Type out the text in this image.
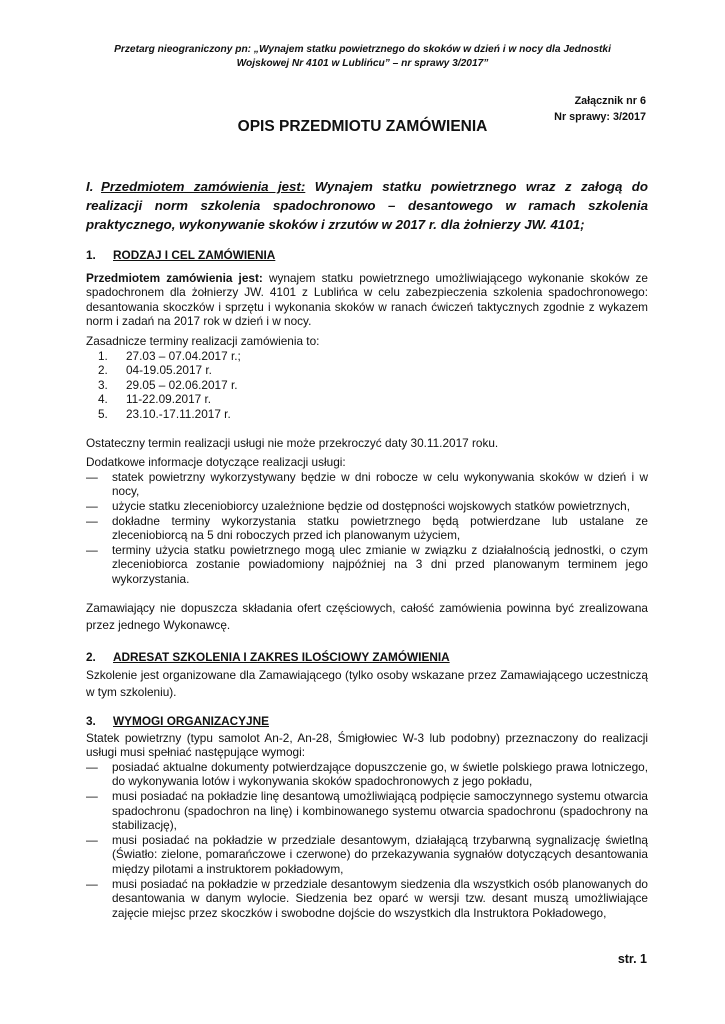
Przetarg nieograniczony pn: „Wynajem statku powietrznego do skoków w dzień i w nocy dla Jednostki
Wojskowej Nr 4101 w Lublińcu” – nr sprawy 3/2017”
Załącznik nr 6
Nr sprawy: 3/2017
OPIS PRZEDMIOTU ZAMÓWIENIA
I. Przedmiotem zamówienia jest: Wynajem statku powietrznego wraz z załogą do realizacji norm szkolenia spadochronowo – desantowego w ramach szkolenia praktycznego, wykonywanie skoków i zrzutów w 2017 r. dla żołnierzy JW. 4101;
1. RODZAJ I CEL ZAMÓWIENIA

Przedmiotem zamówienia jest: wynajem statku powietrznego umożliwiającego wykonanie skoków ze spadochronem dla żołnierzy JW. 4101 z Lublińca w celu zabezpieczenia szkolenia spadochronowego: desantowania skoczków i sprzętu i wykonania skoków w ranach ćwiczeń taktycznych zgodnie z wykazem norm i zadań na 2017 rok w dzień i w nocy.

Zasadnicze terminy realizacji zamówienia to:

1. 27.03 – 07.04.2017 r.;
2. 04-19.05.2017 r.
3. 29.05 – 02.06.2017 r.
4. 11-22.09.2017 r.
5. 23.10.-17.11.2017 r.

Ostateczny termin realizacji usługi nie może przekroczyć daty 30.11.2017 roku.

Dodatkowe informacje dotyczące realizacji usługi:

— statek powietrzny wykorzystywany będzie w dni robocze w celu wykonywania skoków w dzień i w nocy,
— użycie statku zleceniobiorcy uzależnione będzie od dostępności wojskowych statków powietrznych,
— dokładne terminy wykorzystania statku powietrznego będą potwierdzane lub ustalane ze zleceniobiorcą na 5 dni roboczych przed ich planowanym użyciem,
— terminy użycia statku powietrznego mogą ulec zmianie w związku z działalnością jednostki, o czym zleceniobiorca zostanie powiadomiony najpóźniej na 3 dni przed planowanym terminem jego wykorzystania.

Zamawiający nie dopuszcza składania ofert częściowych, całość zamówienia powinna być zrealizowana przez jednego Wykonawcę.

2. ADRESAT SZKOLENIA I ZAKRES ILOŚCIOWY ZAMÓWIENIA

Szkolenie jest organizowane dla Zamawiającego (tylko osoby wskazane przez Zamawiającego uczestniczą w tym szkoleniu).

3. WYMOGI ORGANIZACYJNE

Statek powietrzny (typu samolot An-2, An-28, Śmigłowiec W-3 lub podobny) przeznaczony do realizacji usługi musi spełniać następujące wymogi:

— posiadać aktualne dokumenty potwierdzające dopuszczenie go, w świetle polskiego prawa lotniczego, do wykonywania lotów i wykonywania skoków spadochronowych z jego pokładu,
— musi posiadać na pokładzie linę desantową umożliwiającą podpięcie samoczynnego systemu otwarcia spadochronu (spadochron na linę) i kombinowanego systemu otwarcia spadochronu (spadochrony na stabilizację),
— musi posiadać na pokładzie w przedziale desantowym, działającą trzybarwną sygnalizację świetlną (Światło: zielone, pomarańczowe i czerwone) do przekazywania sygnałów dotyczących desantowania między pilotami a instruktorem pokładowym,
— musi posiadać na pokładzie w przedziale desantowym siedzenia dla wszystkich osób planowanych do desantowania w danym wylocie. Siedzenia bez oparć w wersji tzw. desant muszą umożliwiające zajęcie miejsc przez skoczków i swobodne dojście do wszystkich dla Instruktora Pokładowego,
str. 1
